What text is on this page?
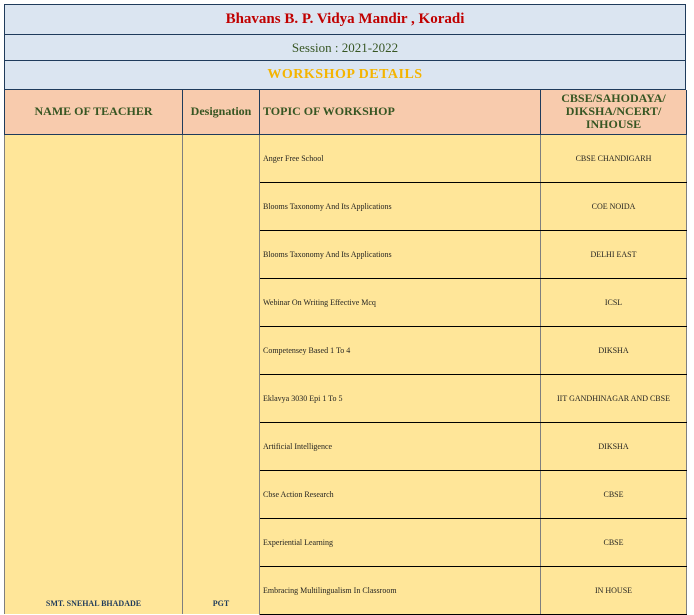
Bhavans B. P. Vidya Mandir , Koradi
Session : 2021-2022
WORKSHOP DETAILS
NAME OF TEACHER	Designation	TOPIC OF WORKSHOP	CBSE/SAHODAYA/
DIKSHA/NCERT/
INHOUSE

SMT. SNEHAL BHADADE	PGT	Anger Free School	CBSE CHANDIGARH
		Blooms Taxonomy And Its Applications	COE NOIDA
		Blooms Taxonomy And Its Applications	DELHI EAST
		Webinar On Writing Effective Mcq	ICSL
		Competensey Based 1 To 4	DIKSHA
		Eklavya 3030 Epi 1 To 5	IIT GANDHINAGAR AND CBSE
		Artificial Intelligence	DIKSHA
		Cbse Action Research	CBSE
		Experiential Learning	CBSE
		Embracing Multilingualism In Classroom	IN HOUSE
